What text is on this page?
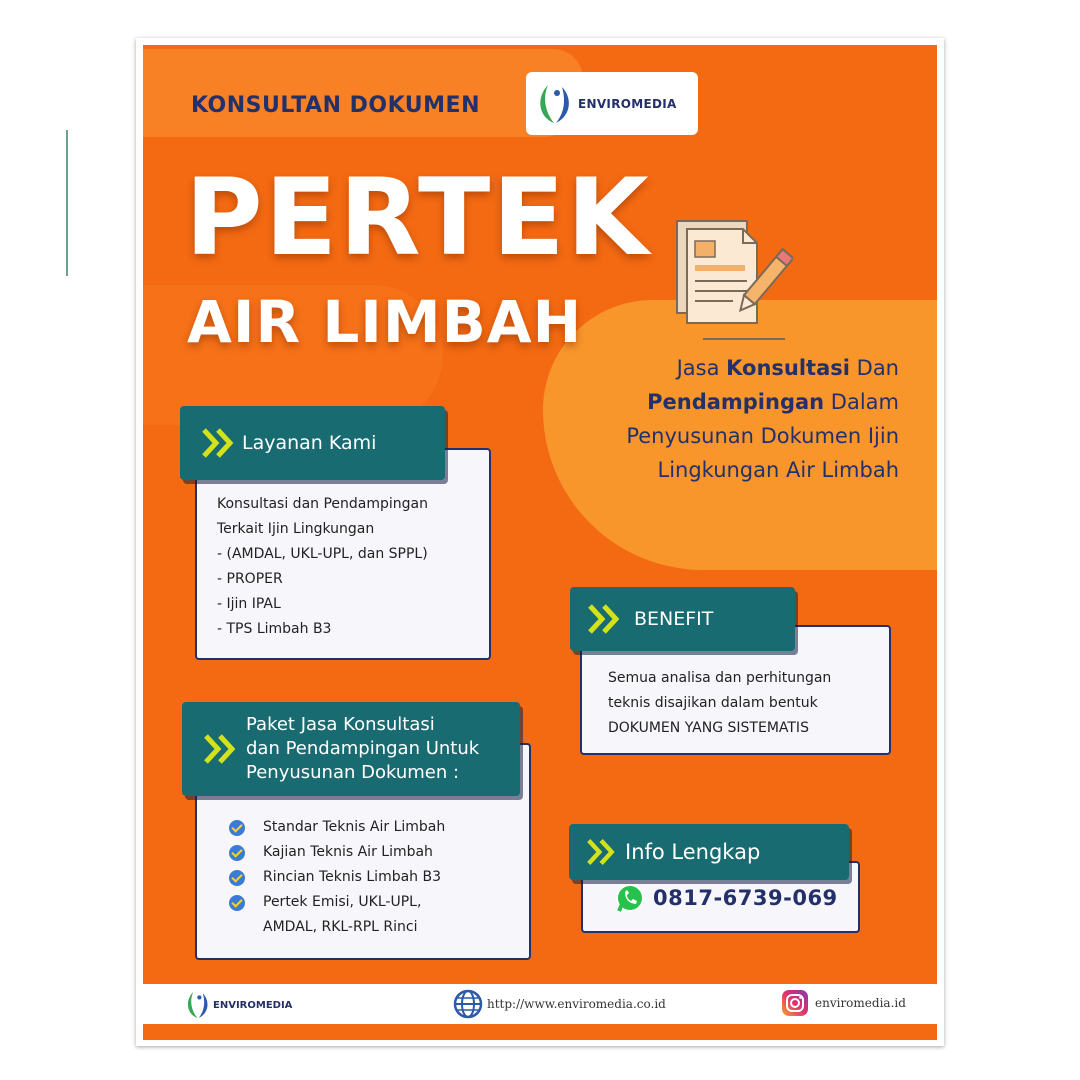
KONSULTAN DOKUMEN	ENVIROMEDIA
PERTEK
AIR LIMBAH
Jasa Konsultasi Dan
Pendampingan Dalam
Penyusunan Dokumen Ijin
Lingkungan Air Limbah
Konsultasi dan Pendampingan
Terkait Ijin Lingkungan
- (AMDAL, UKL-UPL, dan SPPL)
- PROPER
- Ijin IPAL
- TPS Limbah B3
Layanan Kami
Standar Teknis Air Limbah
Kajian Teknis Air Limbah
Rincian Teknis Limbah B3
Pertek Emisi, UKL-UPL,
AMDAL, RKL-RPL Rinci
Paket Jasa Konsultasi
dan Pendampingan Untuk
Penyusunan Dokumen :
Semua analisa dan perhitungan
teknis disajikan dalam bentuk
DOKUMEN YANG SISTEMATIS
BENEFIT
0817-6739-069
Info Lengkap
ENVIROMEDIA	http://www.enviromedia.co.id	enviromedia.id
